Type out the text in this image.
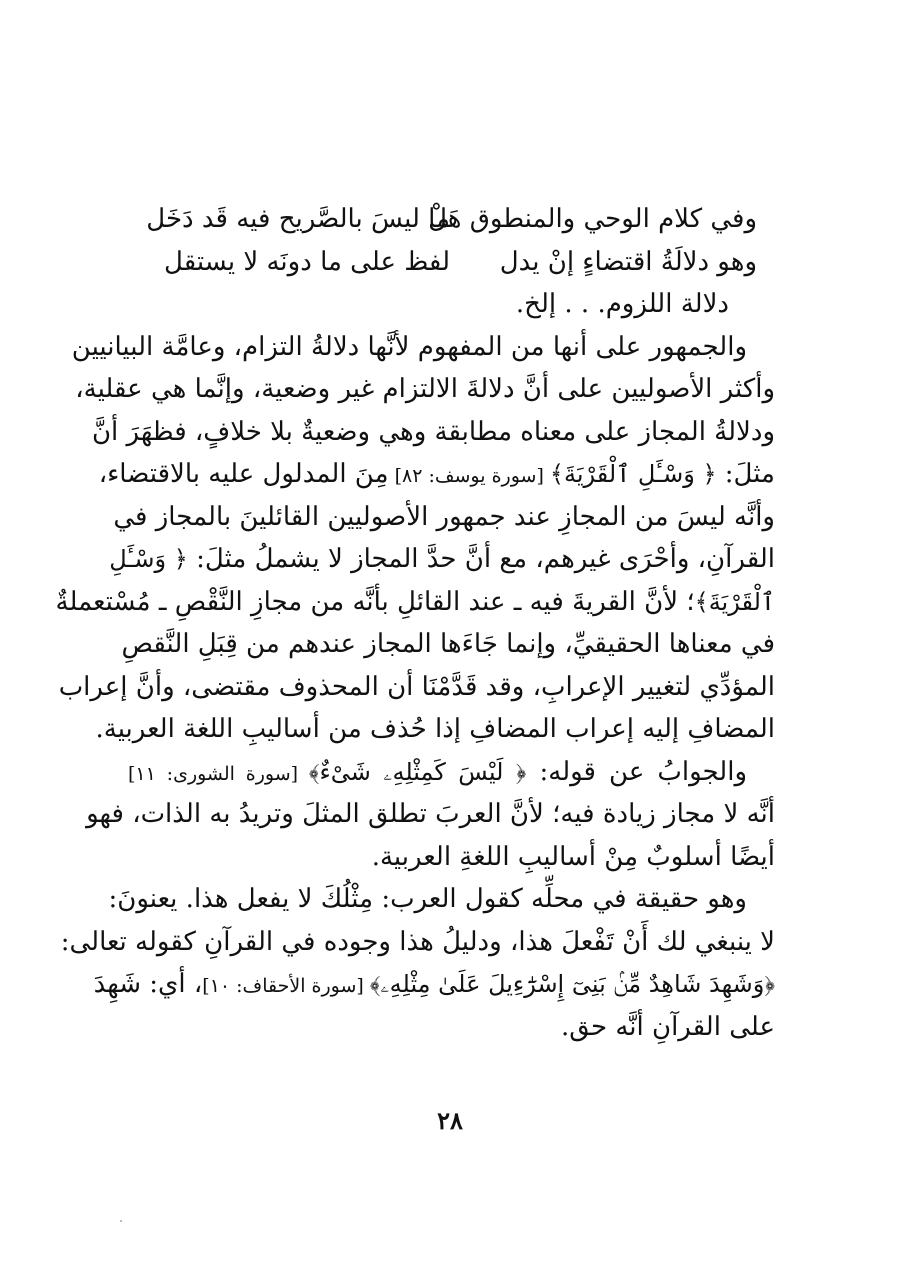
وفي كلام الوحي والمنطوق هَلْ
ما ليسَ بالصَّريح فيه قَد دَخَل
وهو دلالَةُ اقتضاءٍ إنْ يدل
لفظ على ما دونَه لا يستقل
دلالة اللزوم. . . إلخ.
والجمهور على أنها من المفهوم لأنَّها دلالةُ التزام، وعامَّة البيانيين
وأكثر الأصوليين على أنَّ دلالةَ الالتزام غير وضعية، وإنَّما هي عقلية،
ودلالةُ المجاز على معناه مطابقة وهي وضعيةٌ بلا خلافٍ، فظهَرَ أنَّ
مثلَ: ﴿ وَسْـَٔلِ ٱلْقَرْيَةَ﴾ [سورة يوسف: ٨٢] مِنَ المدلول عليه بالاقتضاء،
وأنَّه ليسَ من المجازِ عند جمهور الأصوليين القائلينَ بالمجاز في
القرآنِ، وأحْرَى غيرهم، مع أنَّ حدَّ المجاز لا يشملُ مثلَ: ﴿ وَسْـَٔلِ
ٱلْقَرْيَةَ﴾؛ لأنَّ القريةَ فيه ـ عند القائلِ بأنَّه من مجازِ النَّقْصِ ـ مُسْتعملةٌ
في معناها الحقيقيِّ، وإنما جَاءَها المجاز عندهم من قِبَلِ النَّقصِ
المؤدِّي لتغيير الإعرابِ، وقد قَدَّمْنَا أن المحذوف مقتضى، وأنَّ إعراب
المضافِ إليه إعراب المضافِ إذا حُذف من أساليبِ اللغة العربية.
والجوابُ عن قوله: ﴿ لَيْسَ كَمِثْلِهِۦ شَىْءٌ﴾ [سورة الشورى: ١١]
أنَّه لا مجاز زيادة فيه؛ لأنَّ العربَ تطلق المثلَ وتريدُ به الذات، فهو
أيضًا أسلوبٌ مِنْ أساليبِ اللغةِ العربية.
وهو حقيقة في محلِّه كقول العرب: مِثْلُكَ لا يفعل هذا. يعنونَ:
لا ينبغي لك أَنْ تَفْعلَ هذا، ودليلُ هذا وجوده في القرآنِ كقوله تعالى:
﴿وَشَهِدَ شَاهِدٌ مِّنۢ بَنِىٓ إِسْرَٰٓءِيلَ عَلَىٰ مِثْلِهِۦ﴾ [سورة الأحقاف: ١٠]، أي: شَهِدَ
على القرآنِ أنَّه حق.
٢٨
